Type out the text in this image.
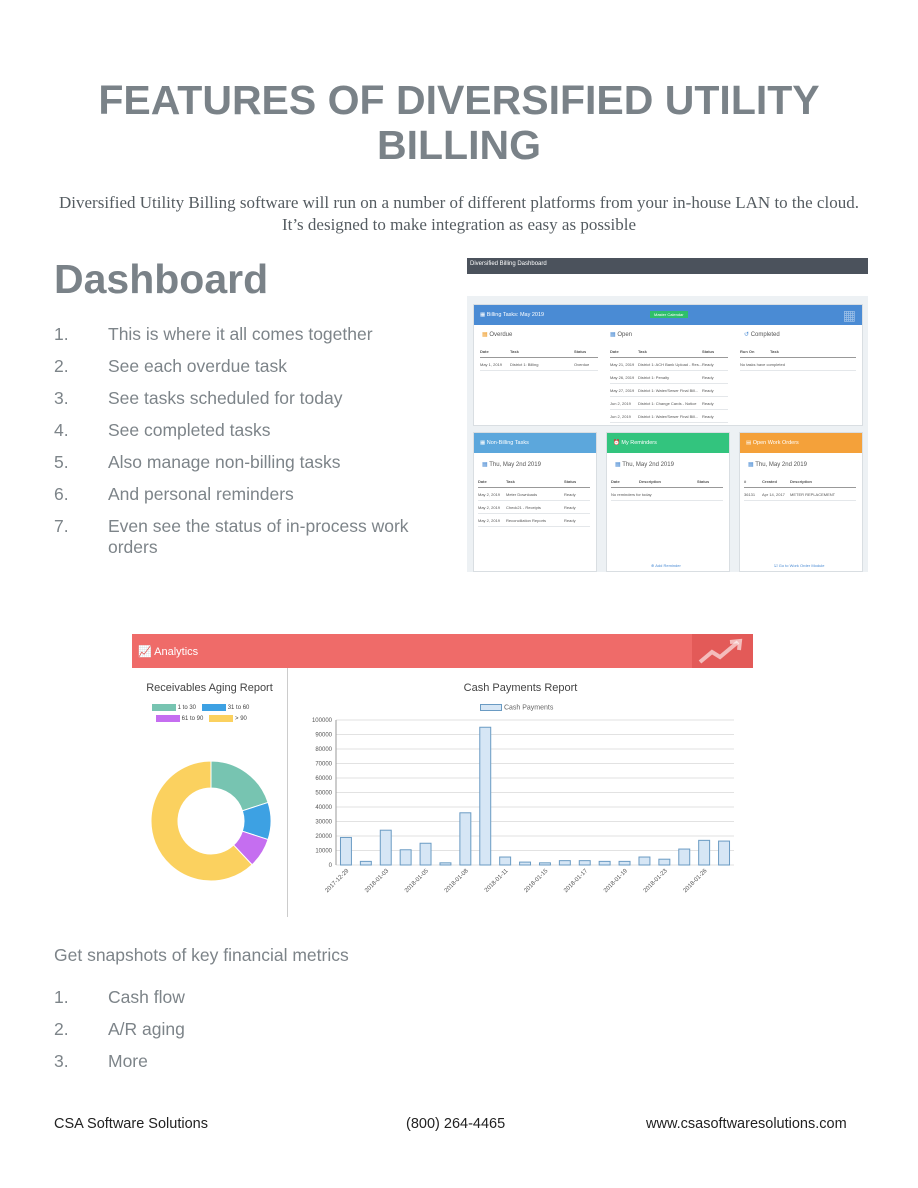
FEATURES OF DIVERSIFIED UTILITY BILLING
Diversified Utility Billing software will run on a number of different platforms from your in-house LAN to the cloud. It’s designed to make integration as easy as possible
Dashboard
1.	This is where it all comes together
2.	See each overdue task
3.	See tasks scheduled for today
4.	See completed tasks
5.	Also manage non-billing tasks
6.	And personal reminders
7.	Even see the status of in-process work orders
Diversified Billing Dashboard
▦ Billing Tasks: May 2019	Master Calendar	▦
▦ Overdue
Date	Task	Status
May 1, 2019	District 1: Billing	Overdue
▦ Open
Date	Task	Status
May 21, 2019 District 1: ACH Bank Upload - Res... Ready
May 26, 2019 District 1: Penalty	Ready
May 27, 2019 District 1: Water/Sewer Final Bill... Ready
Jun 2, 2019	District 1: Change Cards - Notice	Ready
Jun 2, 2019	District 1: Water/Sewer Final Bill... Ready
↺ Completed
Run On	Task
No tasks have completed
▦ Non-Billing Tasks
▦ Thu, May 2nd 2019
Date	Task	Status
May 2, 2019	Meter Downloads	Ready
May 2, 2019	Check21 - Receipts	Ready
May 2, 2019	Reconciliation Reports	Ready
⏰ My Reminders
▦ Thu, May 2nd 2019
Date	Description	Status
No reminders for today
⊕ Add Reminder
▤ Open Work Orders
▦ Thu, May 2nd 2019
#	Created	Description
36131	Apr 14, 2017	METER REPLACEMENT
☑ Go to Work Order Module
📈 Analytics
Receivables Aging Report
1 to 30	31 to 60
61 to 90	> 90
Cash Payments Report
Cash Payments
0
10000
20000
30000
40000
50000
60000
70000
80000
90000
100000
2017-12-29 2018-01-03 2018-01-05 2018-01-08 2018-01-11 2018-01-15 2018-01-17 2018-01-19 2018-01-23 2018-01-26
Get snapshots of key financial metrics
1.	Cash flow
2.	A/R aging
3.	More
CSA Software Solutions	(800) 264-4465	www.csasoftwaresolutions.com
